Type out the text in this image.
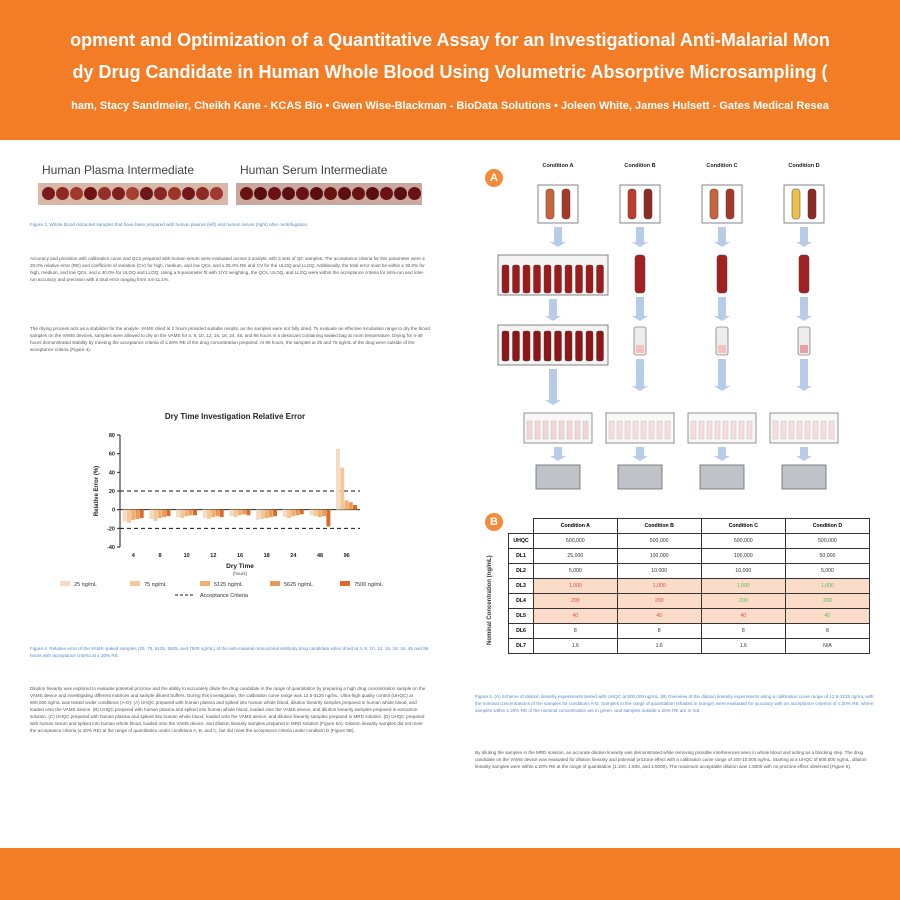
opment and Optimization of a Quantitative Assay for an Investigational Anti-Malarial Mon
dy Drug Candidate in Human Whole Blood Using Volumetric Absorptive Microsampling (
ham, Stacy Sandmeier, Cheikh Kane - KCAS Bio • Gwen Wise-Blackman - BioData Solutions • Joleen White, James Hulsett - Gates Medical Resea
Human Plasma Intermediate	Human Serum Intermediate
Figure 3. Whole blood extracted samples that have been prepared with human plasma (left) and human serum (right) after centrifugation.
Accuracy and precision with calibration curve and QCs prepared with human serum were evaluated across 3 analytic with 3 sets of QC samples. The acceptance criteria for this parameter were ≤ 20.0% relative error (RE) and coefficient of variation (CV) for high, medium, and low QCs, and ≤ 25.0% RE and CV for the ULOQ and LLOQ. Additionally, the total error must be within ≤ 30.0% for high, medium, and low QCs, and ≤ 40.0% for ULOQ and LLOQ. Using a 5-parameter fit with 1/Y2 weighting, the QCs, ULOQ, and LLOQ were within the acceptance criteria for intra-run and inter-run accuracy and precision with a total error ranging from 4.6-11.1%.
The drying process acts as a stabilizer for the analyte. VAMS dried at 2 hours provided suitable results, as the samples were not fully dried. To evaluate an effective incubation range to dry the blood samples on the VAMS devices, samples were allowed to dry on the VAMS for 4, 8, 10, 12, 16, 18, 24, 48, and 96 hours in a desiccant containing sealed bag at room temperature. Drying for 4-48 hours demonstrated stability by meeting the acceptance criteria of ≤ 20% RE of the drug concentration prepared. At 96 hours, the samples at 25 and 75 ng/mL of the drug were outside of the acceptance criteria (Figure 4).
Dry Time Investigation Relative Error
-40
-20
0
20
40
60
80
Relative Error (%)
4	8	10	12	16	18	24	48	96
Dry Time
(hours)
25 ng/mL	75 ng/mL	5125 ng/mL	5625 ng/mL	7500 ng/mL
Acceptance Criteria
Figure 4. Relative error of the VAMS spiked samples (25, 75, 5125, 5625, and 7500 ng/mL) of the anti-malarial monoclonal antibody drug candidate when dried at 4, 8, 10, 12, 16, 18, 24, 48 and 96 hours with acceptance criteria at ± 20% RE.
Dilution linearity was explored to evaluate potential prozone and the ability to accurately dilute the drug candidate in the range of quantitation by preparing a high drug concentration sample on the VAMS device and investigating different matrices and sample diluent buffers. During this investigation, the calibration curve range was 12.5-3125 ng/mL. Ultra-high quality control (UHQC) at 500,000 ng/mL was tested under conditions (A-D): (A) UHQC prepared with human plasma and spiked into human whole blood, dilution linearity samples prepared in human whole blood, and loaded onto the VAMS device. (B) UHQC prepared with human plasma and spiked into human whole blood, loaded onto the VAMS device, and dilution linearity samples prepared in extraction solution. (C) UHQC prepared with human plasma and spiked into human whole blood, loaded onto the VAMS device, and dilution linearity samples prepared in MRD solution. (D) UHQC prepared with human serum and spiked into human whole blood, loaded onto the VAMS device, and dilution linearity samples prepared in MRD solution (Figure 5A). Dilution linearity samples did not meet the acceptance criteria (≤ 20% RE) at the range of quantitation under conditions A, B, and C, but did meet the acceptance criteria under condition D (Figure 5B).
A
Condition A	Condition B	Condition C	Condition D
B
Nominal Concentration (ng/mL)
	Condition A	Condition B	Condition C	Condition D
UHQC	500,000	500,000	500,000	500,000
DL1	25,000	100,000	100,000	50,000
DL2	5,000	10,000	10,000	5,000
DL3	1,000	1,000	1,000	1,000
DL4	200	200	200	200
DL5	40	40	40	40
DL6	8	8	8	8
DL7	1.6	1.6	1.6	N/A
Figure 5. (A) Scheme of dilution linearity experiments tested with UHQC at 500,000 ng/mL. (B) Overview of the dilution linearity experiments using a calibration curve range of 12.5-3125 ng/mL with the nominal concentrations of the samples for conditions A-D. Samples in the range of quantitation (shaded in orange) were evaluated for accuracy with an acceptance criterion of ≤ 20% RE, where samples within ≤ 20% RE of the nominal concentration are in green, and samples outside ≤ 20% RE are in red.
By diluting the samples in the MRD solution, an accurate dilution linearity was demonstrated while removing possible interferences seen in whole blood and acting as a blocking step. The drug candidate on the VAMS device was evaluated for dilution linearity and potential prozone effect with a calibration curve range of 100-10,000 ng/mL. Starting at a UHQC of 500,000 ng/mL, dilution linearity samples were within ≤ 20% RE at the range of quantitation (1:100, 1:500, and 1:5000). The maximum acceptable dilution was 1:5000 with no prozone effect observed (Figure 6).
